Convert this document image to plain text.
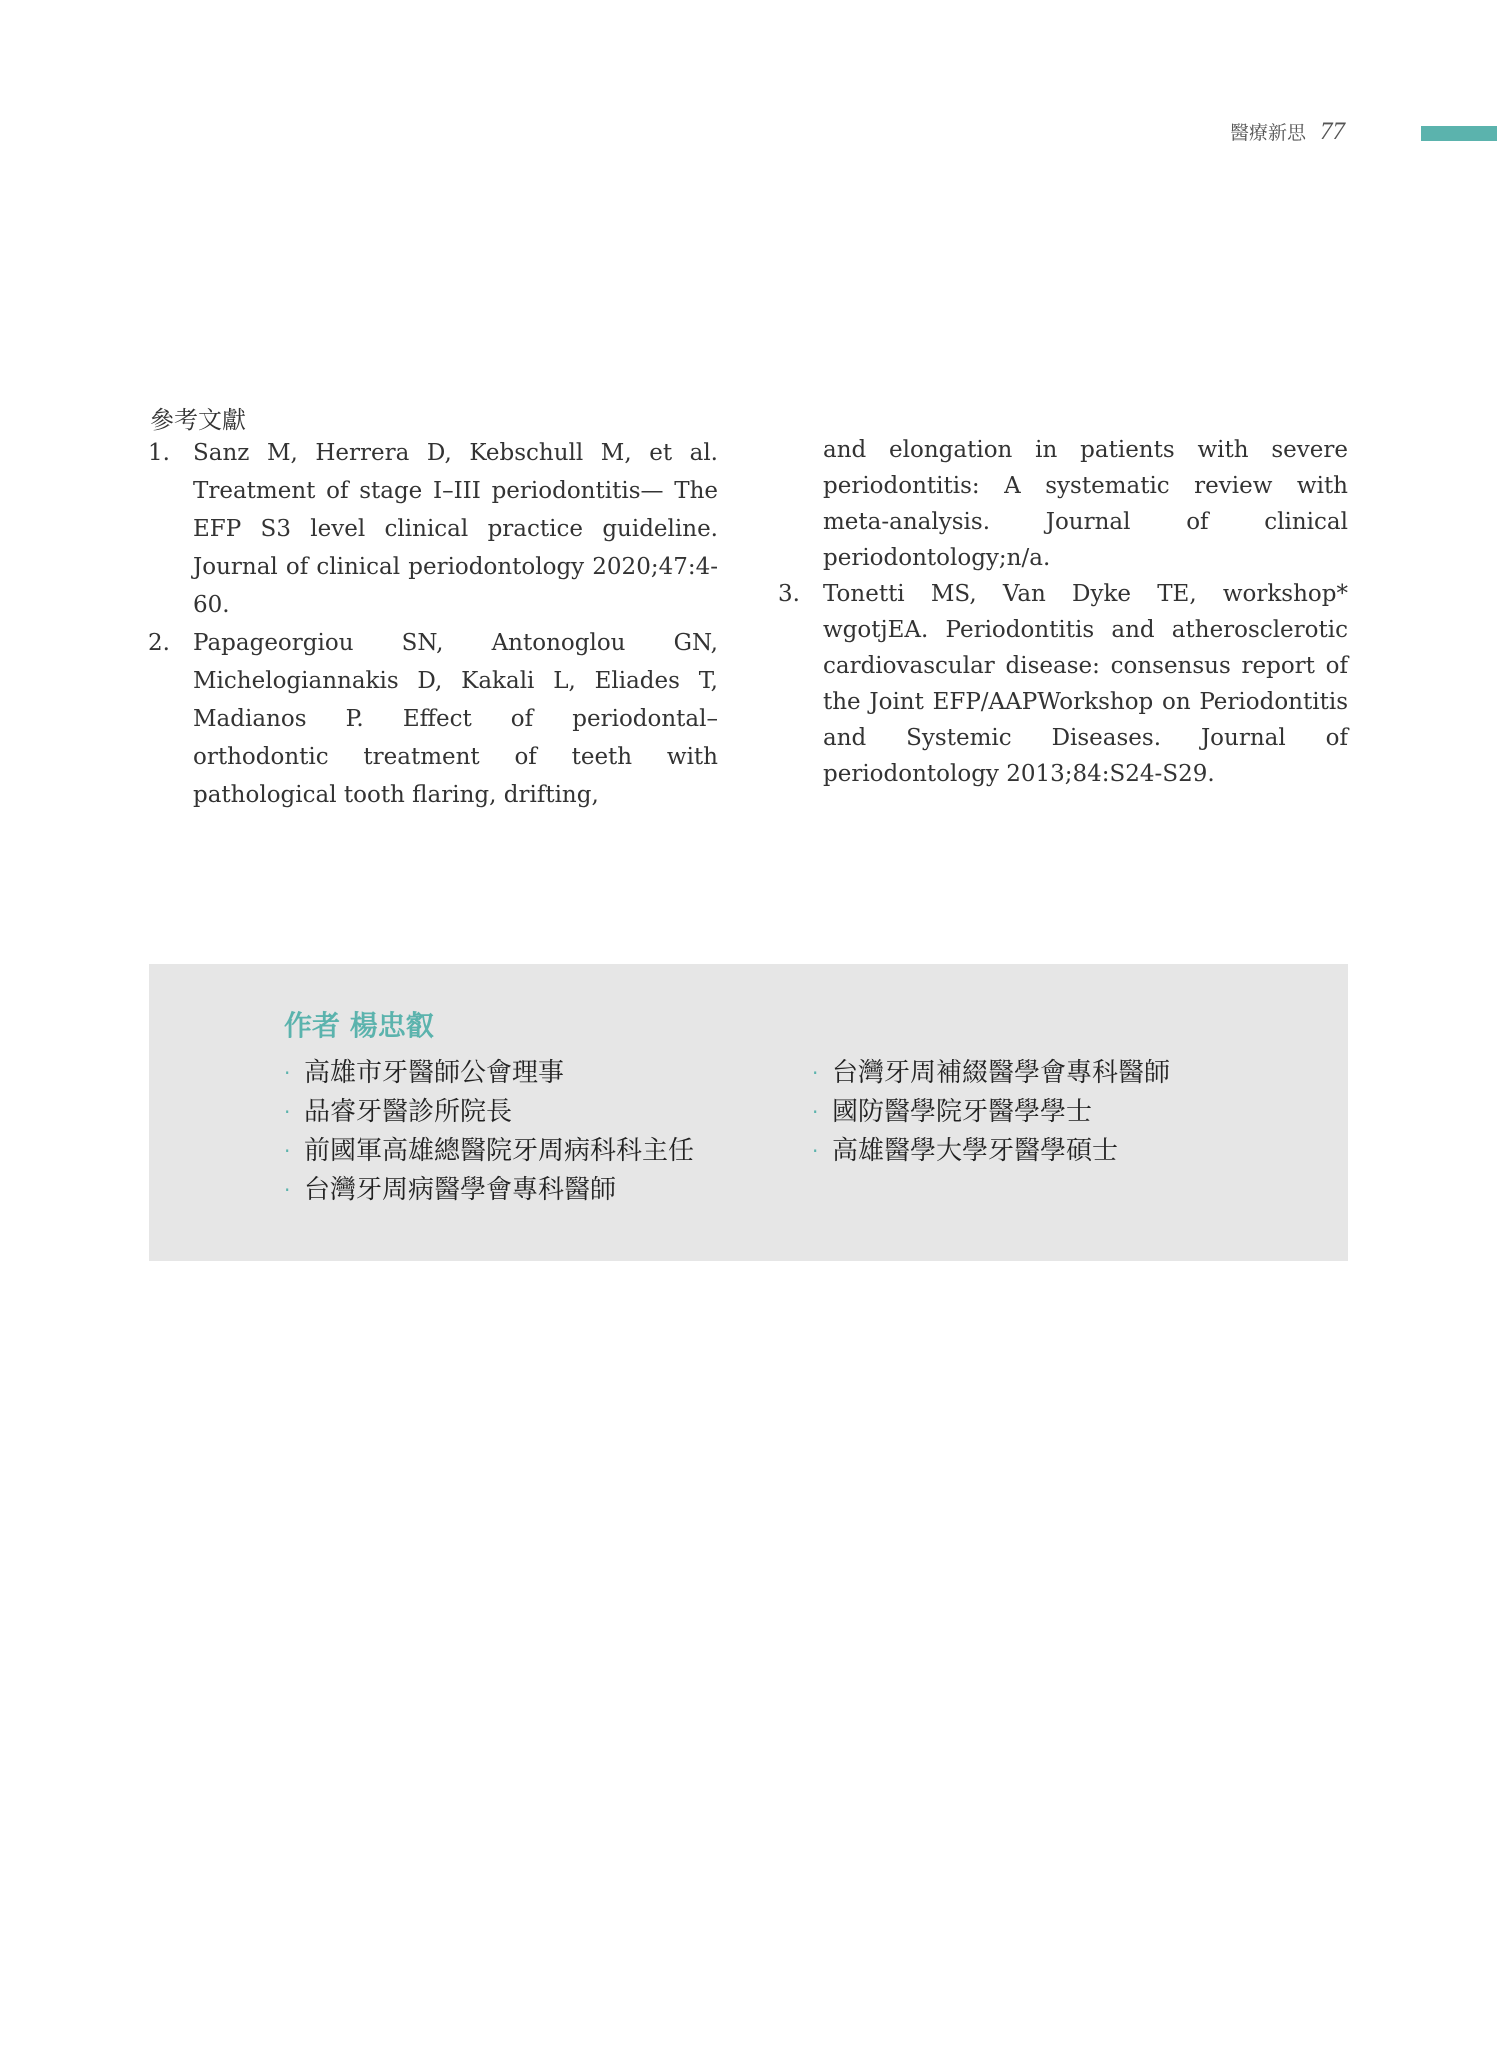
醫療新思 77
參考文獻
1.	Sanz M, Herrera D, Kebschull M, et al. Treatment of stage I–III periodontitis— The EFP S3 level clinical practice guideline. Journal of clinical periodontology 2020;47:4-60.
2.	Papageorgiou SN, Antonoglou GN, Michelogiannakis D, Kakali L, Eliades T, Madianos P. Effect of periodontal–orthodontic treatment of teeth with pathological tooth flaring, drifting,
and elongation in patients with severe periodontitis: A systematic review with meta-analysis. Journal of clinical periodontology;n/a.
3.	Tonetti MS, Van Dyke TE, workshop* wgotjEA. Periodontitis and atherosclerotic cardiovascular disease: consensus report of the Joint EFP/AAPWorkshop on Periodontitis and Systemic Diseases. Journal of periodontology 2013;84:S24-S29.
作者 楊忠叡
· 高雄市牙醫師公會理事
· 品睿牙醫診所院長
· 前國軍高雄總醫院牙周病科科主任
· 台灣牙周病醫學會專科醫師
· 台灣牙周補綴醫學會專科醫師
· 國防醫學院牙醫學學士
· 高雄醫學大學牙醫學碩士
